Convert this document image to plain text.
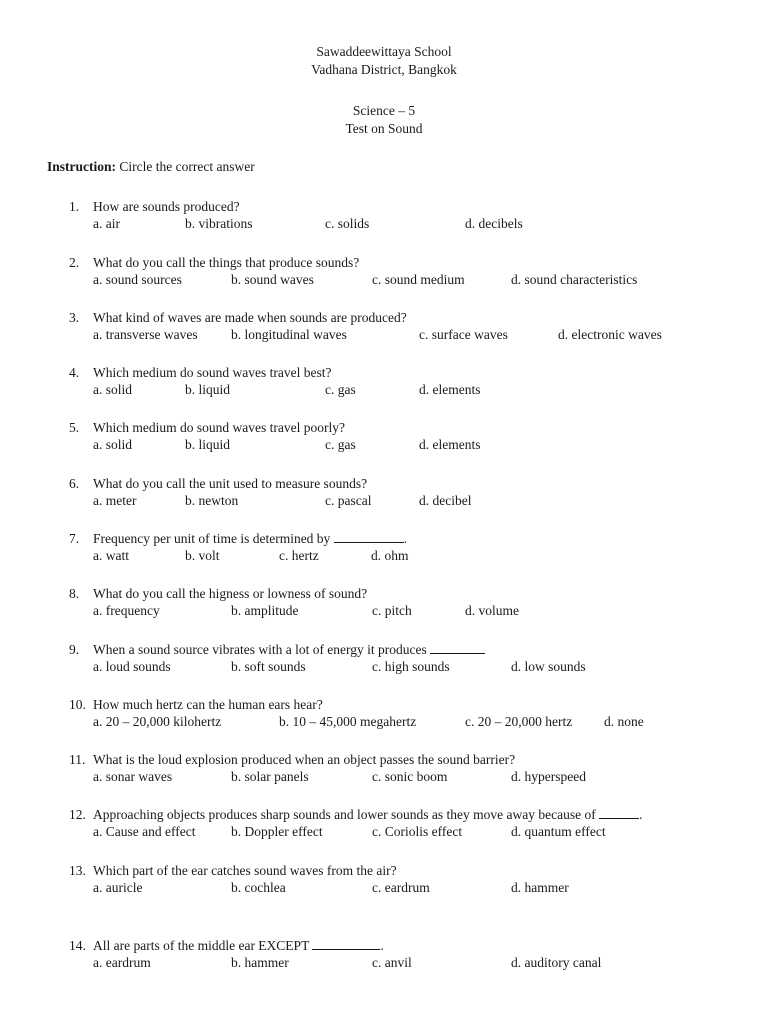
Sawaddeewittaya School
Vadhana District, Bangkok
Science – 5
Test on Sound
Instruction: Circle the correct answer
1. How are sounds produced?
a. air	b. vibrations	c. solids	d. decibels
2. What do you call the things that produce sounds?
a. sound sources	b. sound waves	c. sound medium	d. sound characteristics
3. What kind of waves are made when sounds are produced?
a. transverse waves b. longitudinal waves	c. surface waves	d. electronic waves
4. Which medium do sound waves travel best?
a. solid	b. liquid	c. gas	d. elements
5. Which medium do sound waves travel poorly?
a. solid	b. liquid	c. gas	d. elements
6. What do you call the unit used to measure sounds?
a. meter	b. newton	c. pascal	d. decibel
7. Frequency per unit of time is determined by	.
a. watt	b. volt	c. hertz	d. ohm
8. What do you call the higness or lowness of sound?
a. frequency	b. amplitude	c. pitch	d. volume
9. When a sound source vibrates with a lot of energy it produces
a. loud sounds	b. soft sounds	c. high sounds	d. low sounds
10. How much hertz can the human ears hear?
a. 20 – 20,000 kilohertz	b. 10 – 45,000 megahertz	c. 20 – 20,000 hertz d. none
11. What is the loud explosion produced when an object passes the sound barrier?
a. sonar waves	b. solar panels	c. sonic boom	d. hyperspeed
12. Approaching objects produces sharp sounds and lower sounds as they move away because of	.
a. Cause and effect	b. Doppler effect	c. Coriolis effect	d. quantum effect
13. Which part of the ear catches sound waves from the air?
a. auricle	b. cochlea	c. eardrum	d. hammer
14. All are parts of the middle ear EXCEPT	.
a. eardrum	b. hammer	c. anvil	d. auditory canal
